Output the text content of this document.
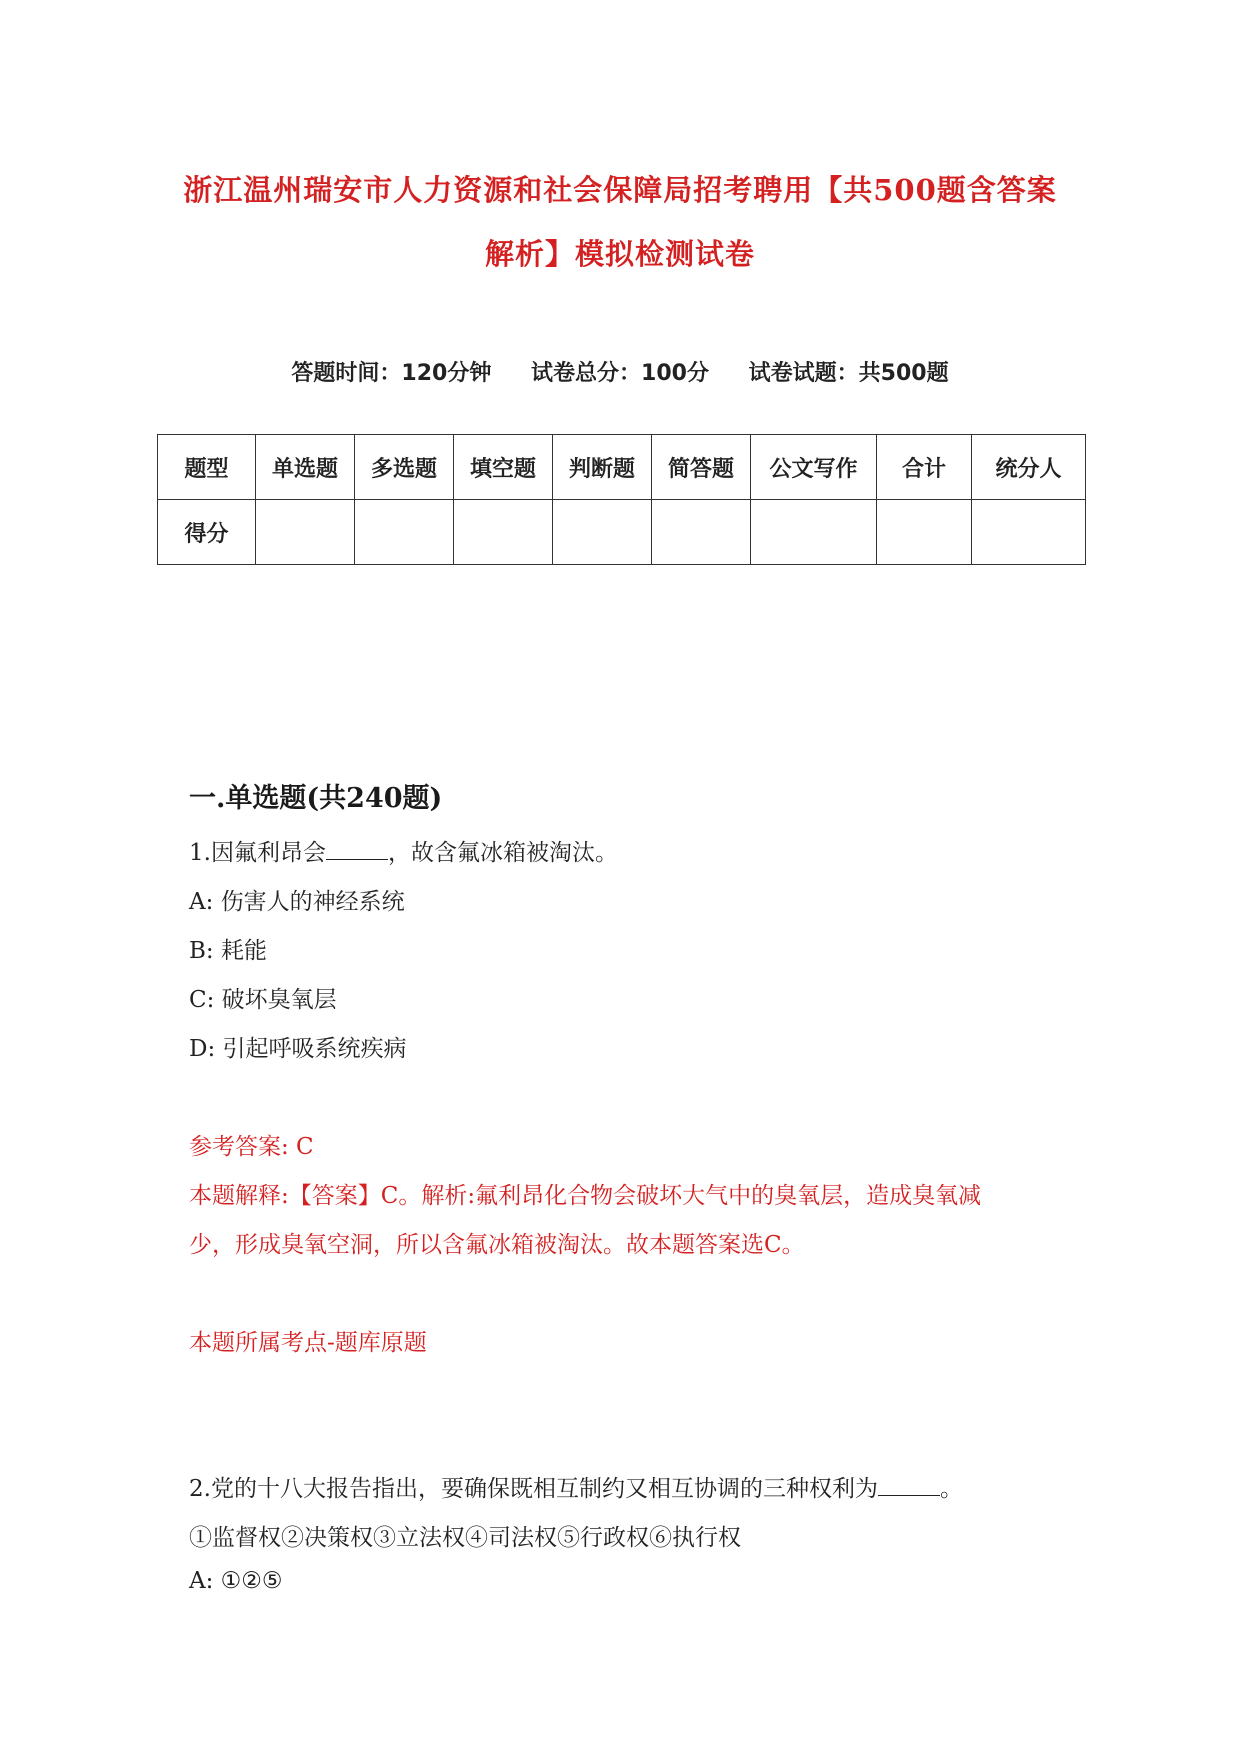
浙江温州瑞安市人力资源和社会保障局招考聘用【共500题含答案
解析】模拟检测试卷
答题时间：120分钟 试卷总分：100分 试卷试题：共500题
题型	单选题	多选题	填空题	判断题	简答题	公文写作	合计	统分人
得分								
一.单选题(共240题)
1.因氟利昂会	，故含氟冰箱被淘汰。
A: 伤害人的神经系统
B: 耗能
C: 破坏臭氧层
D: 引起呼吸系统疾病
参考答案: C
本题解释:【答案】C。解析:氟利昂化合物会破坏大气中的臭氧层，造成臭氧减
少，形成臭氧空洞，所以含氟冰箱被淘汰。故本题答案选C。
本题所属考点-题库原题
2.党的十八大报告指出，要确保既相互制约又相互协调的三种权利为	。
①监督权②决策权③立法权④司法权⑤行政权⑥执行权
A: ①②⑤
